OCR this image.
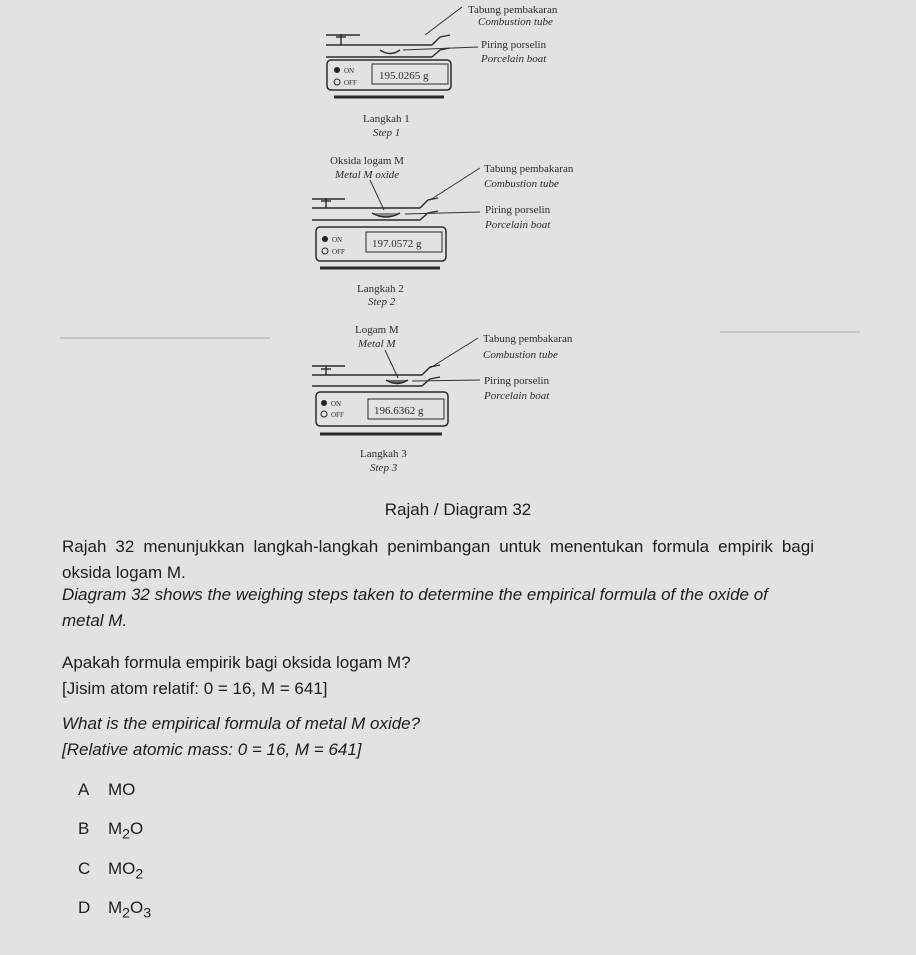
Tabung pembakaran
Combustion tube
Piring porselin
Porcelain boat
ON
OFF
195.0265 g
Langkah 1
Step 1
Oksida logam M
Metal M oxide	Tabung pembakaran
Combustion tube
Piring porselin
Porcelain boat
ON
OFF
197.0572 g
Langkah 2
Step 2
Logam M
Metal M	Tabung pembakaran
Combustion tube
Piring porselin
Porcelain boat
ON
OFF	196.6362 g
Langkah 3
Step 3
Rajah / Diagram 32
Rajah 32 menunjukkan langkah-langkah penimbangan untuk menentukan formula empirik bagi oksida logam M.
Diagram 32 shows the weighing steps taken to determine the empirical formula of the oxide of metal M.
Apakah formula empirik bagi oksida logam M?
[Jisim atom relatif: 0 = 16, M = 641]
What is the empirical formula of metal M oxide?
[Relative atomic mass: 0 = 16, M = 641]
A MO
B $M_2O$
C $MO_2$
D $M_2O_3$
